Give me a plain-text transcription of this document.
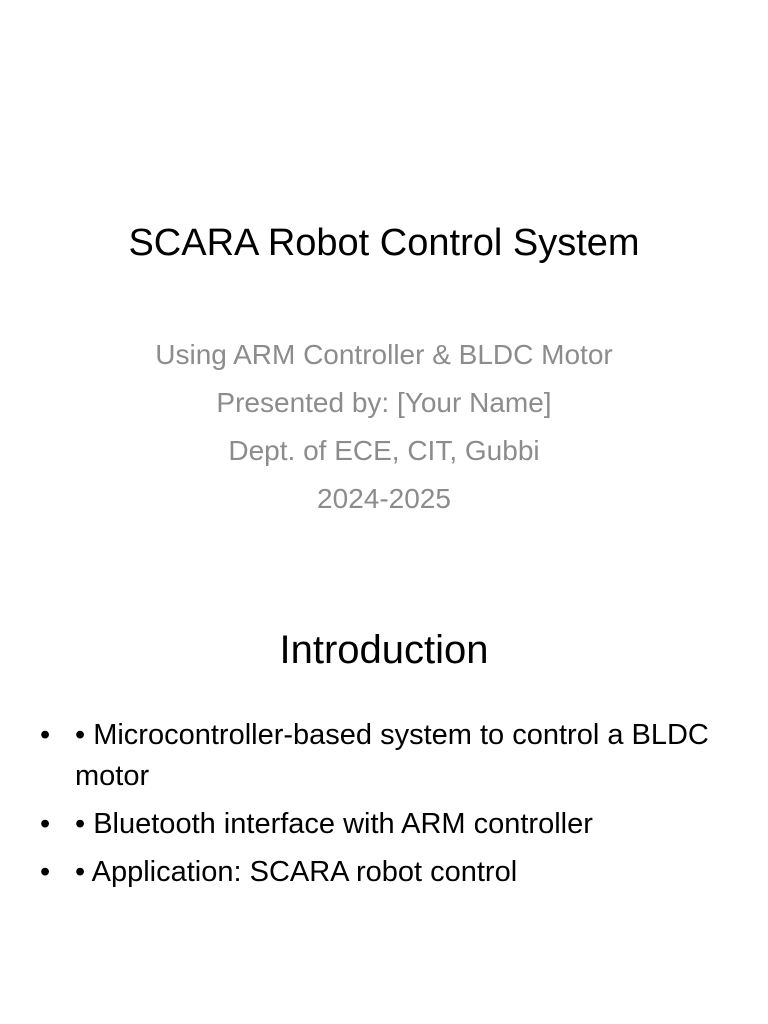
SCARA Robot Control System
Using ARM Controller & BLDC Motor
Presented by: [Your Name]
Dept. of ECE, CIT, Gubbi
2024-2025
Introduction
• • Microcontroller-based system to control a BLDC motor
• • Bluetooth interface with ARM controller
• • Application: SCARA robot control
